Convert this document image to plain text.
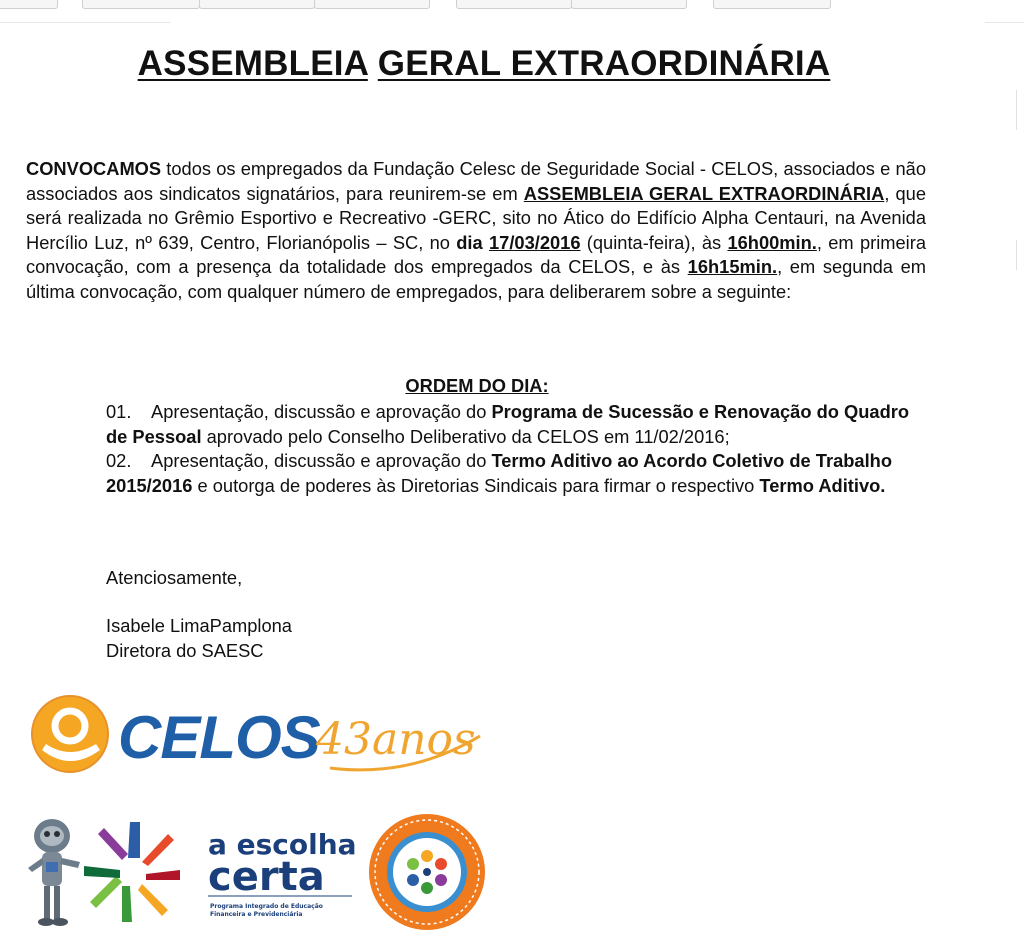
ASSEMBLEIA GERAL EXTRAORDINÁRIA
CONVOCAMOS todos os empregados da Fundação Celesc de Seguridade Social - CELOS, associados e não associados aos sindicatos signatários, para reunirem-se em ASSEMBLEIA GERAL EXTRAORDINÁRIA, que será realizada no Grêmio Esportivo e Recreativo -GERC, sito no Ático do Edifício Alpha Centauri, na Avenida Hercílio Luz, nº 639, Centro, Florianópolis – SC, no dia 17/03/2016 (quinta-feira), às 16h00min., em primeira convocação, com a presença da totalidade dos empregados da CELOS, e às 16h15min., em segunda em última convocação, com qualquer número de empregados, para deliberarem sobre a seguinte:
ORDEM DO DIA:

01. Apresentação, discussão e aprovação do Programa de Sucessão e Renovação do Quadro de Pessoal aprovado pelo Conselho Deliberativo da CELOS em 11/02/2016;

02. Apresentação, discussão e aprovação do Termo Aditivo ao Acordo Coletivo de Trabalho 2015/2016 e outorga de poderes às Diretorias Sindicais para firmar o respectivo Termo Aditivo.

Atenciosamente,
Isabele LimaPamplona
Diretora do SAESC
CELOS
43anos
a escolha
certa
Programa Integrado de Educação
Financeira e Previdenciária
